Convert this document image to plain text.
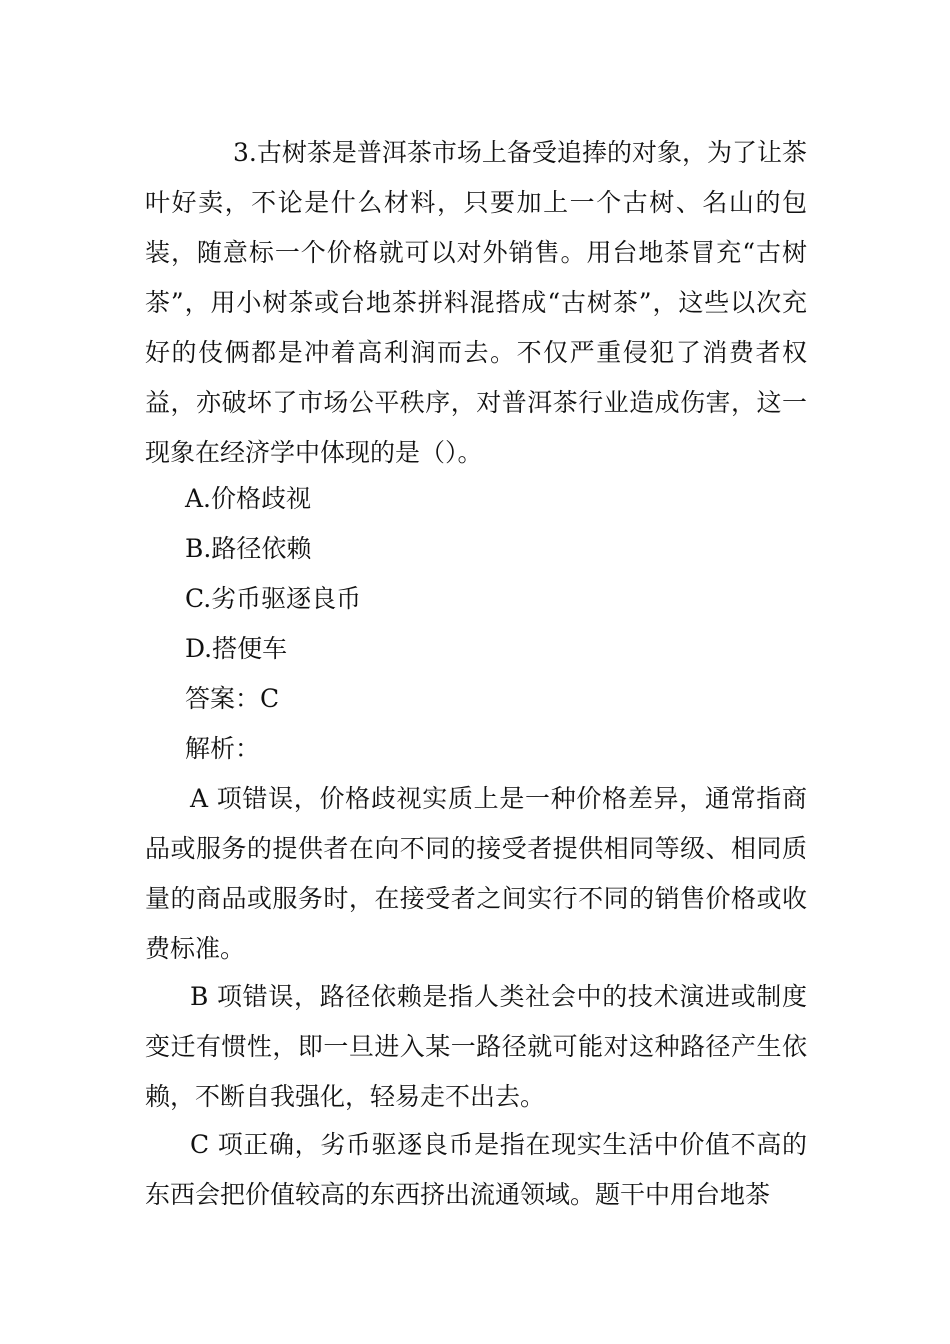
3.古树茶是普洱茶市场上备受追捧的对象，为了让茶叶好卖，不论是什么材料，只要加上一个古树、名山的包装，随意标一个价格就可以对外销售。用台地茶冒充“古树茶”，用小树茶或台地茶拼料混搭成“古树茶”，这些以次充好的伎俩都是冲着高利润而去。不仅严重侵犯了消费者权益，亦破坏了市场公平秩序，对普洱茶行业造成伤害，这一现象在经济学中体现的是（）。

A.价格歧视

B.路径依赖

C.劣币驱逐良币

D.搭便车

答案：C

解析：

A 项错误，价格歧视实质上是一种价格差异，通常指商品或服务的提供者在向不同的接受者提供相同等级、相同质量的商品或服务时，在接受者之间实行不同的销售价格或收费标准。

B 项错误，路径依赖是指人类社会中的技术演进或制度变迁有惯性，即一旦进入某一路径就可能对这种路径产生依赖，不断自我强化，轻易走不出去。

C 项正确，劣币驱逐良币是指在现实生活中价值不高的东西会把价值较高的东西挤出流通领域。题干中用台地茶
